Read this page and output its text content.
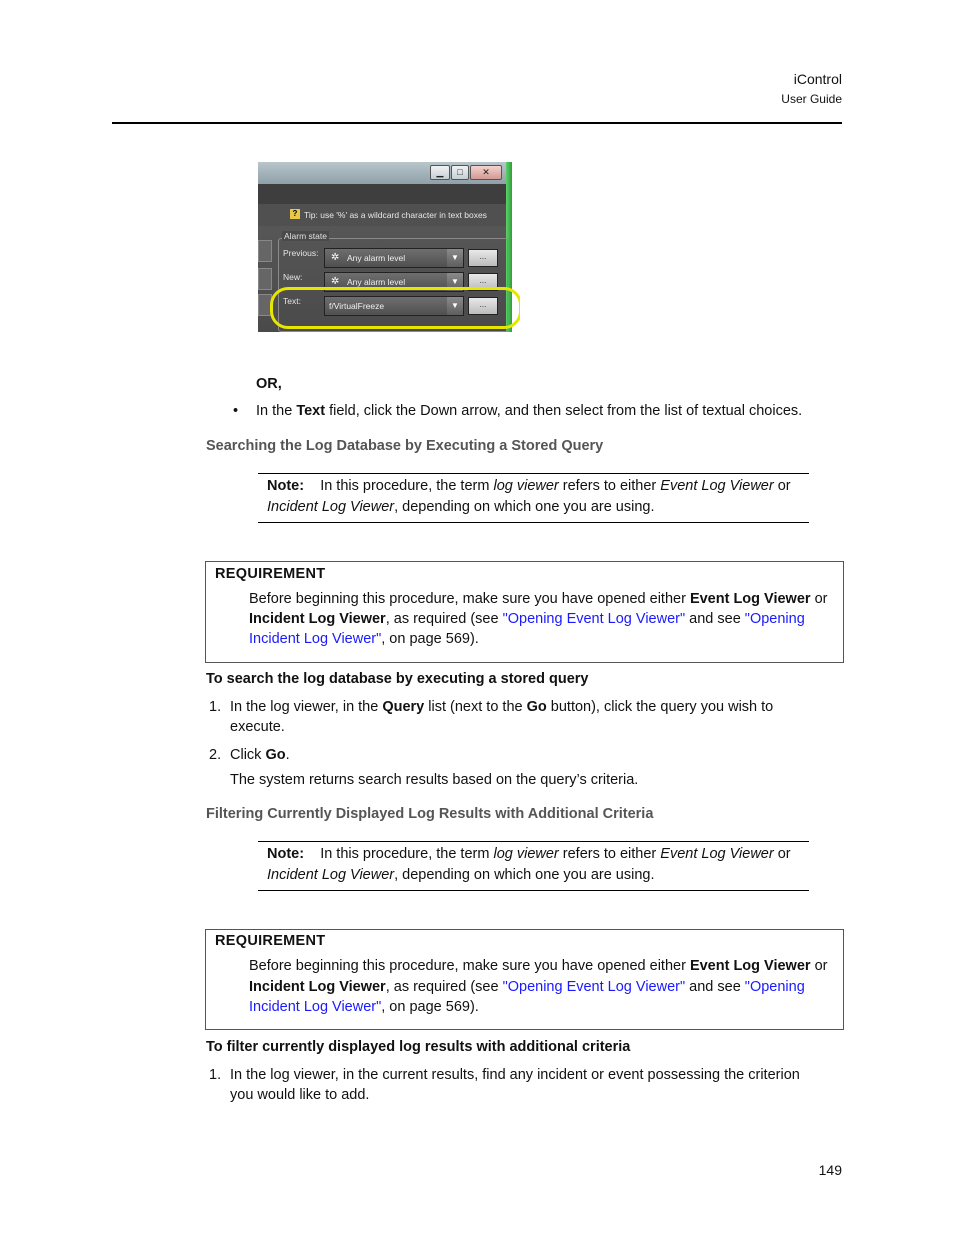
iControl
User Guide
▁	□	✕
? Tip: use '%' as a wildcard character in text boxes
Alarm state
Previous: ✲ Any alarm level	▼	...
New:	✲ Any alarm level	▼	...
Text:	f/VirtualFreeze	▼	...
OR,
• In the Text field, click the Down arrow, and then select from the list of textual choices.
Searching the Log Database by Executing a Stored Query
Note: In this procedure, the term log viewer refers to either Event Log Viewer or
Incident Log Viewer, depending on which one you are using.
REQUIREMENT
Before beginning this procedure, make sure you have opened either Event Log Viewer or
Incident Log Viewer, as required (see "Opening Event Log Viewer" and see "Opening
Incident Log Viewer", on page 569).
To search the log database by executing a stored query
1. In the log viewer, in the Query list (next to the Go button), click the query you wish to
execute.
2. Click Go.
The system returns search results based on the query’s criteria.
Filtering Currently Displayed Log Results with Additional Criteria
Note: In this procedure, the term log viewer refers to either Event Log Viewer or
Incident Log Viewer, depending on which one you are using.
REQUIREMENT
Before beginning this procedure, make sure you have opened either Event Log Viewer or
Incident Log Viewer, as required (see "Opening Event Log Viewer" and see "Opening
Incident Log Viewer", on page 569).
To filter currently displayed log results with additional criteria
1. In the log viewer, in the current results, find any incident or event possessing the criterion
you would like to add.
149
